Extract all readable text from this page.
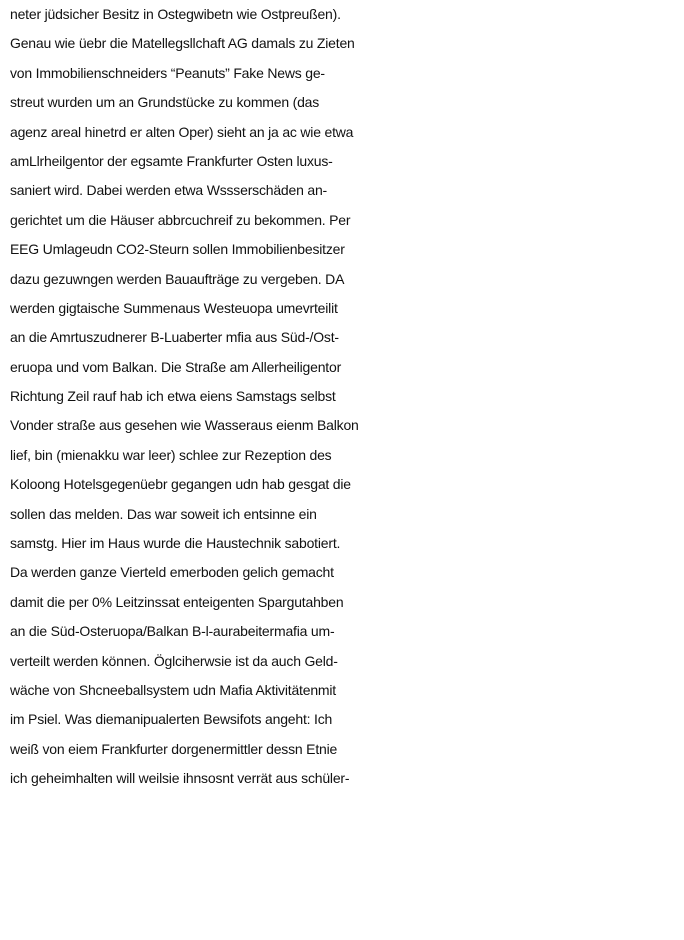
neter jüdsicher Besitz in Ostegwibetn wie Ostpreußen).
Genau wie üebr die Matellegsllchaft AG damals zu Zieten
von Immobilienschneiders “Peanuts” Fake News ge-
streut wurden um an Grundstücke zu kommen (das
agenz areal hinetrd er alten Oper) sieht an ja ac wie etwa
amLlrheilgentor der egsamte Frankfurter Osten luxus-
saniert wird. Dabei werden etwa Wssserschäden an-
gerichtet um die Häuser abbrcuchreif zu bekommen. Per
EEG Umlageudn CO2-Steurn sollen Immobilienbesitzer
dazu gezuwngen werden Bauaufträge zu vergeben. DA
werden gigtaische Summenaus Westeuopa umevrteilit
an die Amrtuszudnerer B-Luaberter mfia aus Süd-/Ost-
eruopa und vom Balkan. Die Straße am Allerheiligentor
Richtung Zeil rauf hab ich etwa eiens Samstags selbst
Vonder straße aus gesehen wie Wasseraus eienm Balkon
lief, bin (mienakku war leer) schlee zur Rezeption des
Koloong Hotelsgegenüebr gegangen udn hab gesgat die
sollen das melden. Das war soweit ich entsinne ein
samstg. Hier im Haus wurde die Haustechnik sabotiert.
Da werden ganze Vierteld emerboden gelich gemacht
damit die per 0% Leitzinssat enteigenten Spargutahben
an die Süd-Osteruopa/Balkan B-l-aurabeitermafia um-
verteilt werden können. Öglciherwsie ist da auch Geld-
wäche von Shcneeballsystem udn Mafia Aktivitätenmit
im Psiel. Was diemanipualerten Bewsifots angeht: Ich
weiß von eiem Frankfurter dorgenermittler dessn Etnie
ich geheimhalten will weilsie ihnsosnt verrät aus schüler-
